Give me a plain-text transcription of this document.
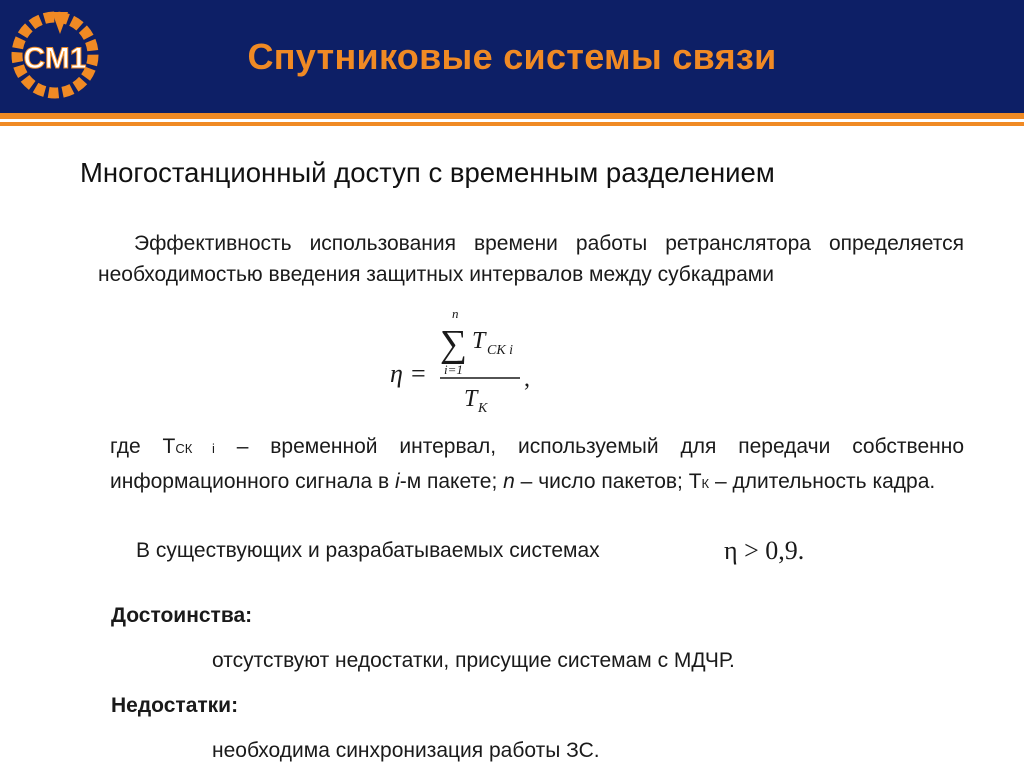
СМ1	Спутниковые системы связи
Многостанционный доступ с временным разделением
Эффективность использования времени работы ретранслятора определяется необходимостью введения защитных интервалов между субкадрами
η =
n
∑
i=1
T СК i
,
T К
где TСК i – временной интервал, используемый для передачи собственно информационного сигнала в i-м пакете; n – число пакетов; TК – длительность кадра.
В существующих и разрабатываемых системах	η > 0,9.
Достоинства:
отсутствуют недостатки, присущие системам с МДЧР.
Недостатки:
необходима синхронизация работы ЗС.
